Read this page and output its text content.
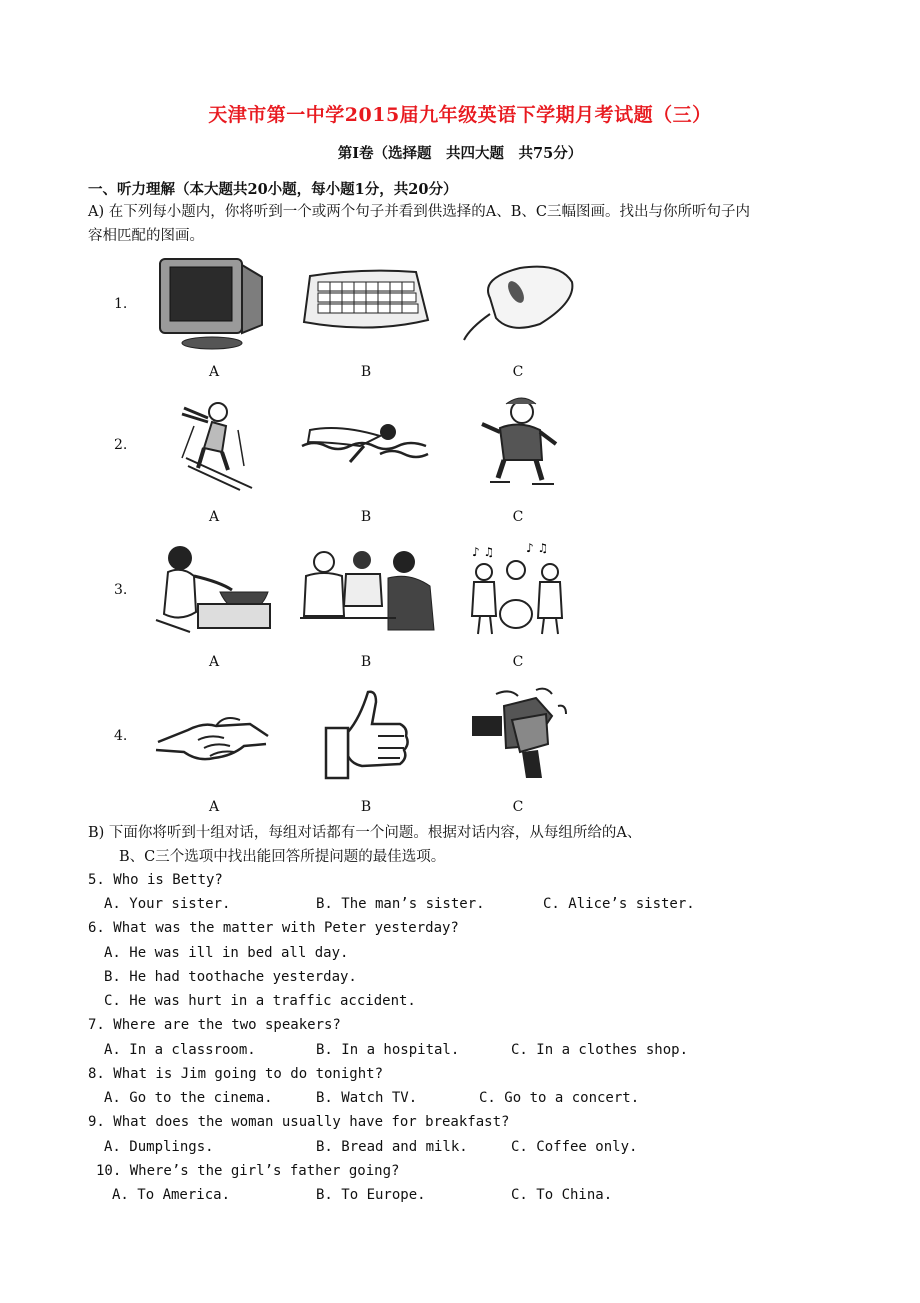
天津市第一中学2015届九年级英语下学期月考试题（三）
第Ⅰ卷（选择题　共四大题　共75分）
一、听力理解（本大题共20小题，每小题1分，共20分）
A) 在下列每小题内，你将听到一个或两个句子并看到供选择的A、B、C三幅图画。找出与你所听句子内
容相匹配的图画。
1.
A	B	C
2.
A	B	C
3.
♪ ♫	♪ ♫
A	B	C
4.
A	B	C
B) 下面你将听到十组对话，每组对话都有一个问题。根据对话内容，从每组所给的A、
B、C三个选项中找出能回答所提问题的最佳选项。
5. Who is Betty?
A. Your sister.	B. The man’s sister.	C. Alice’s sister.
6. What was the matter with Peter yesterday?
A. He was ill in bed all day.
B. He had toothache yesterday.
C. He was hurt in a traffic accident.
7. Where are the two speakers?
A. In a classroom.	B. In a hospital.	C. In a clothes shop.
8. What is Jim going to do tonight?
A. Go to the cinema.	B. Watch TV.	C. Go to a concert.
9. What does the woman usually have for breakfast?
A. Dumplings.	B. Bread and milk.	C. Coffee only.
10. Where’s the girl’s father going?
A. To America.	B. To Europe.	C. To China.
